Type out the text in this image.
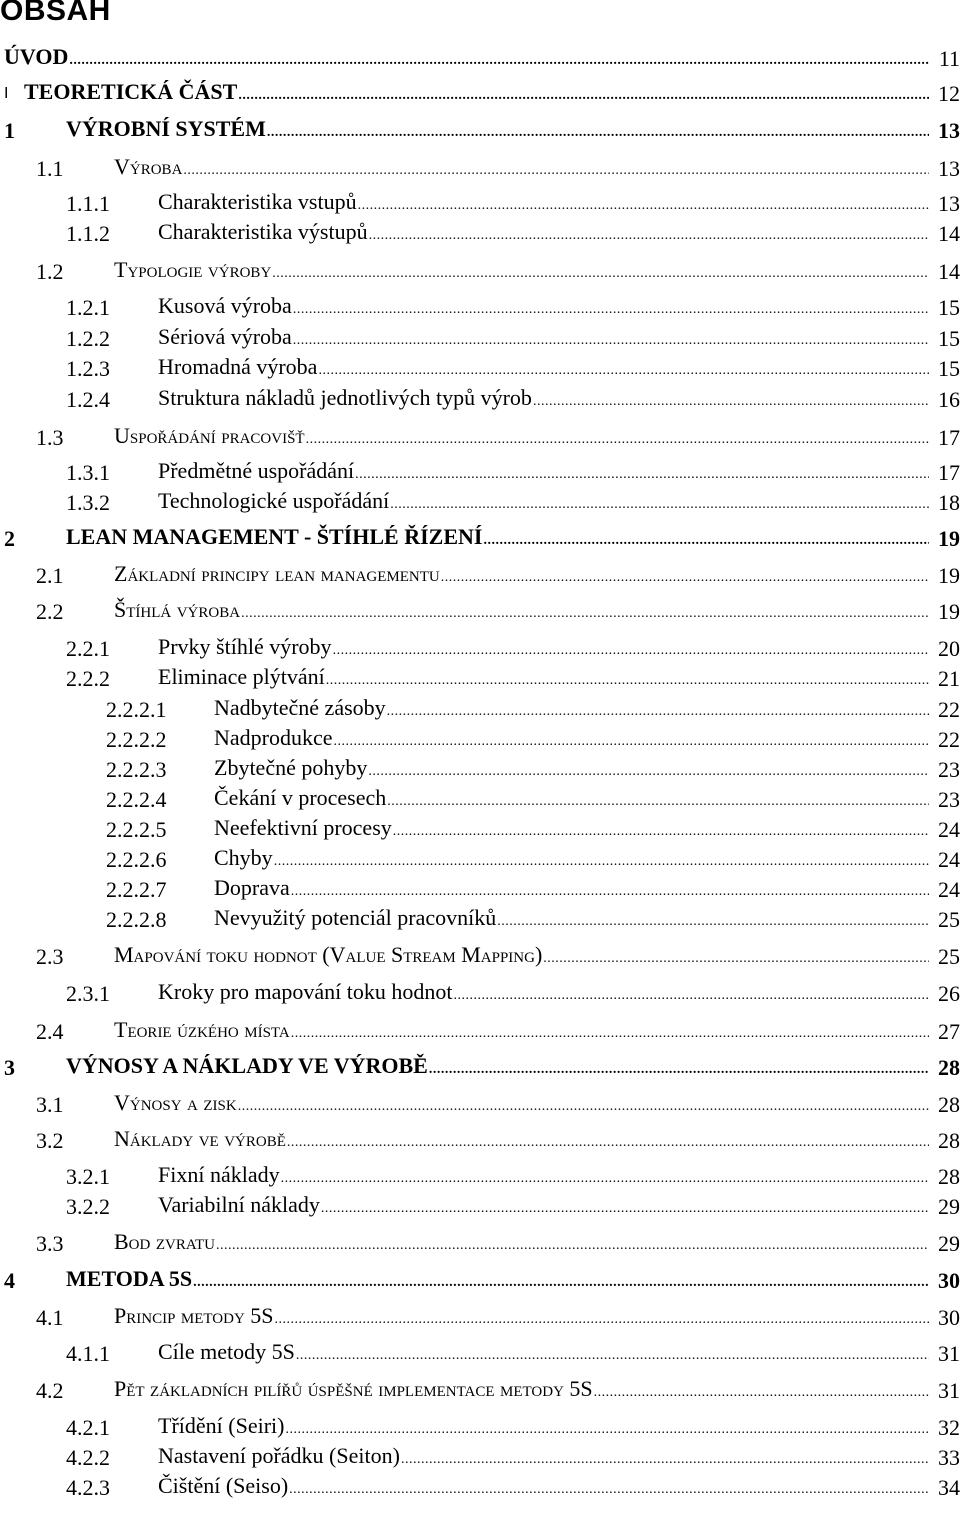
OBSAH
ÚVOD .....	11
I TEORETICKÁ ČÁST .....	12
1 VÝROBNÍ SYSTÉM .....	13
1.1 Výroba .....	13
1.1.1 Charakteristika vstupů .....	13
1.1.2 Charakteristika výstupů .....	14
1.2 Typologie výroby .....	14
1.2.1 Kusová výroba .....	15
1.2.2 Sériová výroba .....	15
1.2.3 Hromadná výroba .....	15
1.2.4 Struktura nákladů jednotlivých typů výrob .....	16
1.3 Uspořádání pracovišť .....	17
1.3.1 Předmětné uspořádání .....	17
1.3.2 Technologické uspořádání .....	18
2 LEAN MANAGEMENT - ŠTÍHLÉ ŘÍZENÍ .....	19
2.1 Základní principy lean managementu .....	19
2.2 Štíhlá výroba .....	19
2.2.1 Prvky štíhlé výroby .....	20
2.2.2 Eliminace plýtvání .....	21
2.2.2.1 Nadbytečné zásoby .....	22
2.2.2.2 Nadprodukce .....	22
2.2.2.3 Zbytečné pohyby .....	23
2.2.2.4 Čekání v procesech .....	23
2.2.2.5 Neefektivní procesy .....	24
2.2.2.6 Chyby .....	24
2.2.2.7 Doprava .....	24
2.2.2.8 Nevyužitý potenciál pracovníků .....	25
2.3 Mapování toku hodnot (Value Stream Mapping) .....	25
2.3.1 Kroky pro mapování toku hodnot .....	26
2.4 Teorie úzkého místa .....	27
3 VÝNOSY A NÁKLADY VE VÝROBĚ .....	28
3.1 Výnosy a zisk .....	28
3.2 Náklady ve výrobě .....	28
3.2.1 Fixní náklady .....	28
3.2.2 Variabilní náklady .....	29
3.3 Bod zvratu .....	29
4 METODA 5S .....	30
4.1 Princip metody 5S .....	30
4.1.1 Cíle metody 5S .....	31
4.2 Pět základních pilířů úspěšné implementace metody 5S .....	31
4.2.1 Třídění (Seiri) .....	32
4.2.2 Nastavení pořádku (Seiton) .....	33
4.2.3 Čištění (Seiso) .....	34
